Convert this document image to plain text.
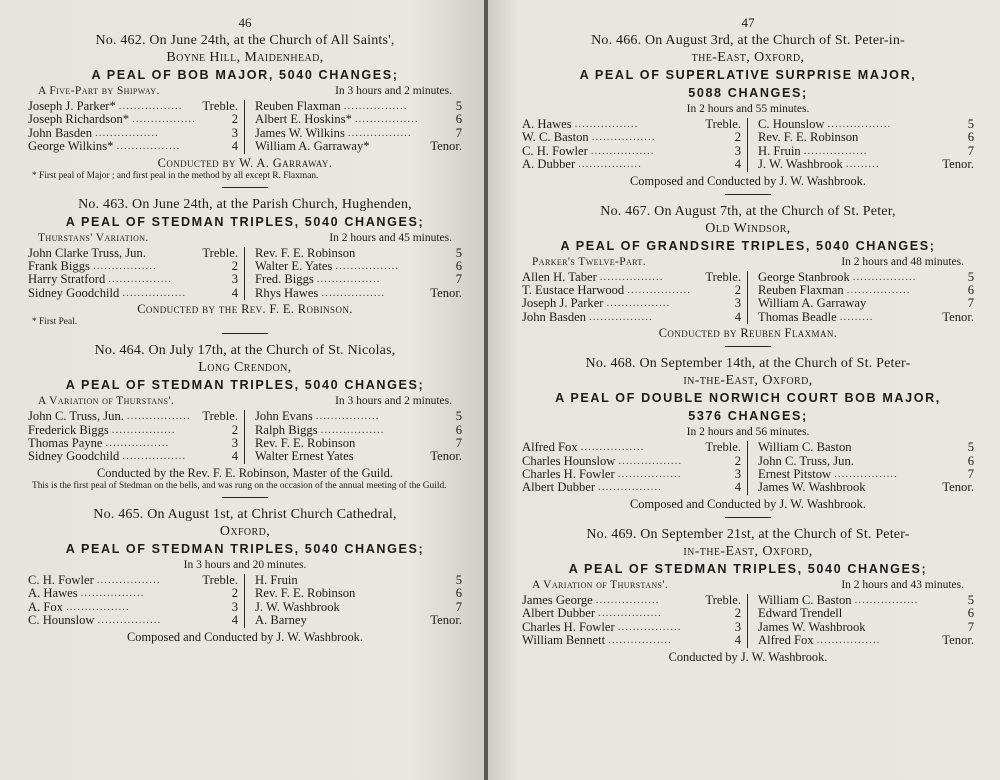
46
No. 462. On June 24th, at the Church of All Saints',
Boyne Hill, Maidenhead,
A PEAL OF BOB MAJOR, 5040 CHANGES;
A Five-Part by Shipway.	In 3 hours and 2 minutes.
Joseph J. Parker* .................	Treble.
Joseph Richardson* .................	2
John Basden .................	3
George Wilkins* .................	4
Reuben Flaxman .................	5
Albert E. Hoskins* .................	6
James W. Wilkins .................	7
William A. Garraway*	Tenor.
Conducted by W. A. Garraway.
* First peal of Major ; and first peal in the method by all except R. Flaxman.
No. 463. On June 24th, at the Parish Church, Hughenden,
A PEAL OF STEDMAN TRIPLES, 5040 CHANGES;
Thurstans' Variation.	In 2 hours and 45 minutes.
John Clarke Truss, Jun.	Treble.
Frank Biggs .................	2
Harry Stratford .................	3
Sidney Goodchild .................	4
Rev. F. E. Robinson	5
Walter E. Yates .................	6
Fred. Biggs .................	7
Rhys Hawes .................	Tenor.
Conducted by the Rev. F. E. Robinson.
* First Peal.
No. 464. On July 17th, at the Church of St. Nicolas,
Long Crendon,
A PEAL OF STEDMAN TRIPLES, 5040 CHANGES;
A Variation of Thurstans'.	In 3 hours and 2 minutes.
John C. Truss, Jun. ................. Treble.
Frederick Biggs .................	2
Thomas Payne .................	3
Sidney Goodchild .................	4
John Evans .................	5
Ralph Biggs .................	6
Rev. F. E. Robinson	7
Walter Ernest Yates	Tenor.
Conducted by the Rev. F. E. Robinson, Master of the Guild.
This is the first peal of Stedman on the bells, and was rung on the occasion of the annual meeting of the Guild.
No. 465. On August 1st, at Christ Church Cathedral,
Oxford,
A PEAL OF STEDMAN TRIPLES, 5040 CHANGES;
In 3 hours and 20 minutes.
C. H. Fowler .................	Treble.
A. Hawes .................	2
A. Fox .................	3
C. Hounslow .................	4
H. Fruin	5
Rev. F. E. Robinson	6
J. W. Washbrook	7
A. Barney	Tenor.
Composed and Conducted by J. W. Washbrook.
47
No. 466. On August 3rd, at the Church of St. Peter-in-
the-East, Oxford,
A PEAL OF SUPERLATIVE SURPRISE MAJOR,
5088 CHANGES;
In 2 hours and 55 minutes.
A. Hawes .................	Treble.
W. C. Baston .................	2
C. H. Fowler .................	3
A. Dubber .................	4
C. Hounslow .................	5
Rev. F. E. Robinson	6
H. Fruin .................	7
J. W. Washbrook .........	Tenor.
Composed and Conducted by J. W. Washbrook.
No. 467. On August 7th, at the Church of St. Peter,
Old Windsor,
A PEAL OF GRANDSIRE TRIPLES, 5040 CHANGES;
Parker's Twelve-Part.	In 2 hours and 48 minutes.
Allen H. Taber .................	Treble.
T. Eustace Harwood .................	2
Joseph J. Parker .................	3
John Basden .................	4
George Stanbrook .................	5
Reuben Flaxman .................	6
William A. Garraway	7
Thomas Beadle .........	Tenor.
Conducted by Reuben Flaxman.
No. 468. On September 14th, at the Church of St. Peter-
in-the-East, Oxford,
A PEAL OF DOUBLE NORWICH COURT BOB MAJOR,
5376 CHANGES;
In 2 hours and 56 minutes.
Alfred Fox .................	Treble.
Charles Hounslow .................	2
Charles H. Fowler .................	3
Albert Dubber .................	4
William C. Baston	5
John C. Truss, Jun.	6
Ernest Pitstow .................	7
James W. Washbrook	Tenor.
Composed and Conducted by J. W. Washbrook.
No. 469. On September 21st, at the Church of St. Peter-
in-the-East, Oxford,
A PEAL OF STEDMAN TRIPLES, 5040 CHANGES;
A Variation of Thurstans'.	In 2 hours and 43 minutes.
James George .................	Treble.
Albert Dubber .................	2
Charles H. Fowler .................	3
William Bennett .................	4
William C. Baston .................	5
Edward Trendell	6
James W. Washbrook	7
Alfred Fox .................	Tenor.
Conducted by J. W. Washbrook.
